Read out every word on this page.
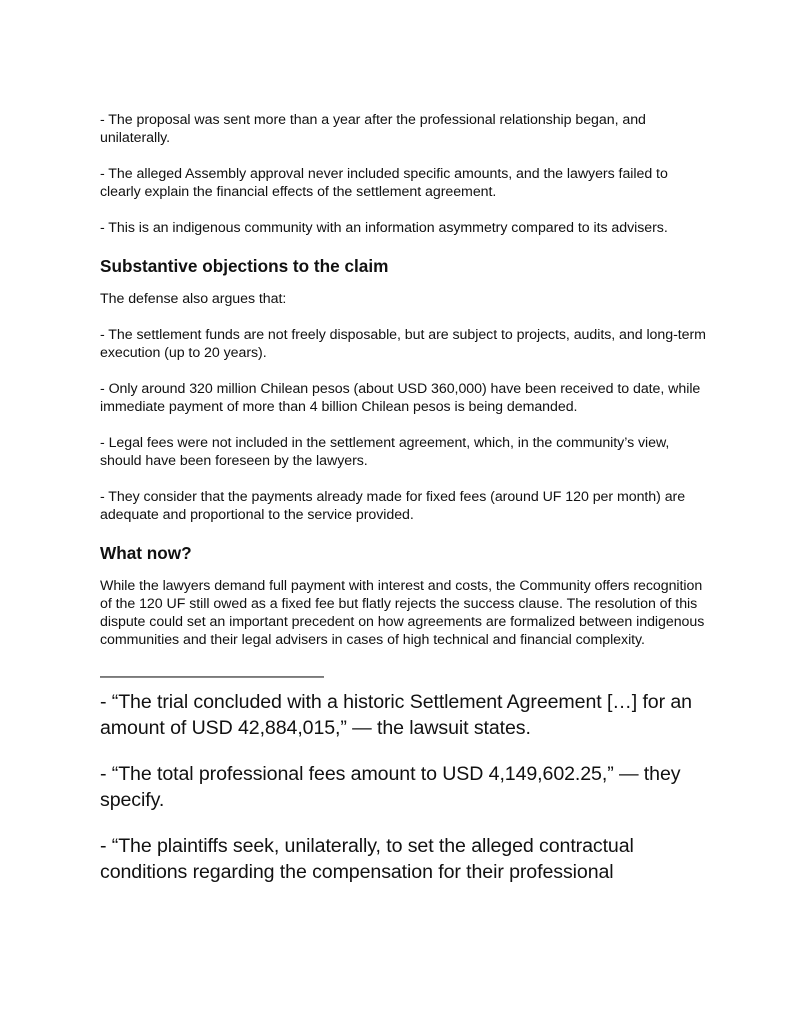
- The proposal was sent more than a year after the professional relationship began, and unilaterally.

- The alleged Assembly approval never included specific amounts, and the lawyers failed to clearly explain the financial effects of the settlement agreement.

- This is an indigenous community with an information asymmetry compared to its advisers.

Substantive objections to the claim

The defense also argues that:

- The settlement funds are not freely disposable, but are subject to projects, audits, and long-term execution (up to 20 years).

- Only around 320 million Chilean pesos (about USD 360,000) have been received to date, while immediate payment of more than 4 billion Chilean pesos is being demanded.

- Legal fees were not included in the settlement agreement, which, in the community’s view, should have been foreseen by the lawyers.

- They consider that the payments already made for fixed fees (around UF 120 per month) are adequate and proportional to the service provided.

What now?

While the lawyers demand full payment with interest and costs, the Community offers recognition of the 120 UF still owed as a fixed fee but flatly rejects the success clause. The resolution of this dispute could set an important precedent on how agreements are formalized between indigenous communities and their legal advisers in cases of high technical and financial complexity.

——————————————

- “The trial concluded with a historic Settlement Agreement […] for an amount of USD 42,884,015,” — the lawsuit states.

- “The total professional fees amount to USD 4,149,602.25,” — they specify.

- “The plaintiffs seek, unilaterally, to set the alleged contractual conditions regarding the compensation for their professional
